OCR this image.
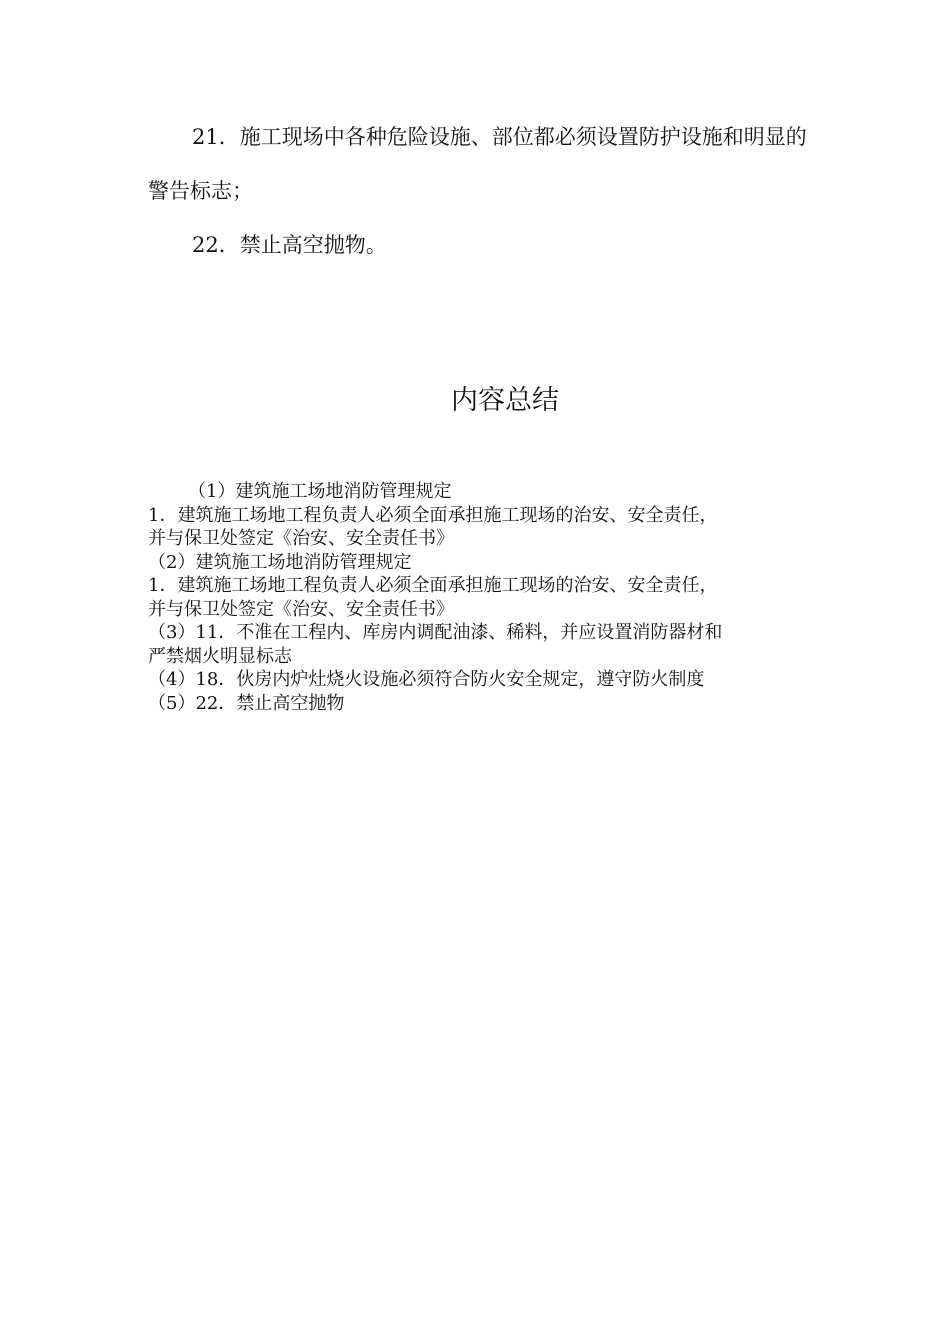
21．施工现场中各种危险设施、部位都必须设置防护设施和明显的警告标志；

22．禁止高空抛物。

内容总结
（1）建筑施工场地消防管理规定
1．建筑施工场地工程负责人必须全面承担施工现场的治安、安全责任，
并与保卫处签定《治安、安全责任书》
（2）建筑施工场地消防管理规定
1．建筑施工场地工程负责人必须全面承担施工现场的治安、安全责任，
并与保卫处签定《治安、安全责任书》
（3）11．不准在工程内、库房内调配油漆、稀料，并应设置消防器材和
严禁烟火明显标志
（4）18．伙房内炉灶烧火设施必须符合防火安全规定，遵守防火制度
（5）22．禁止高空抛物
